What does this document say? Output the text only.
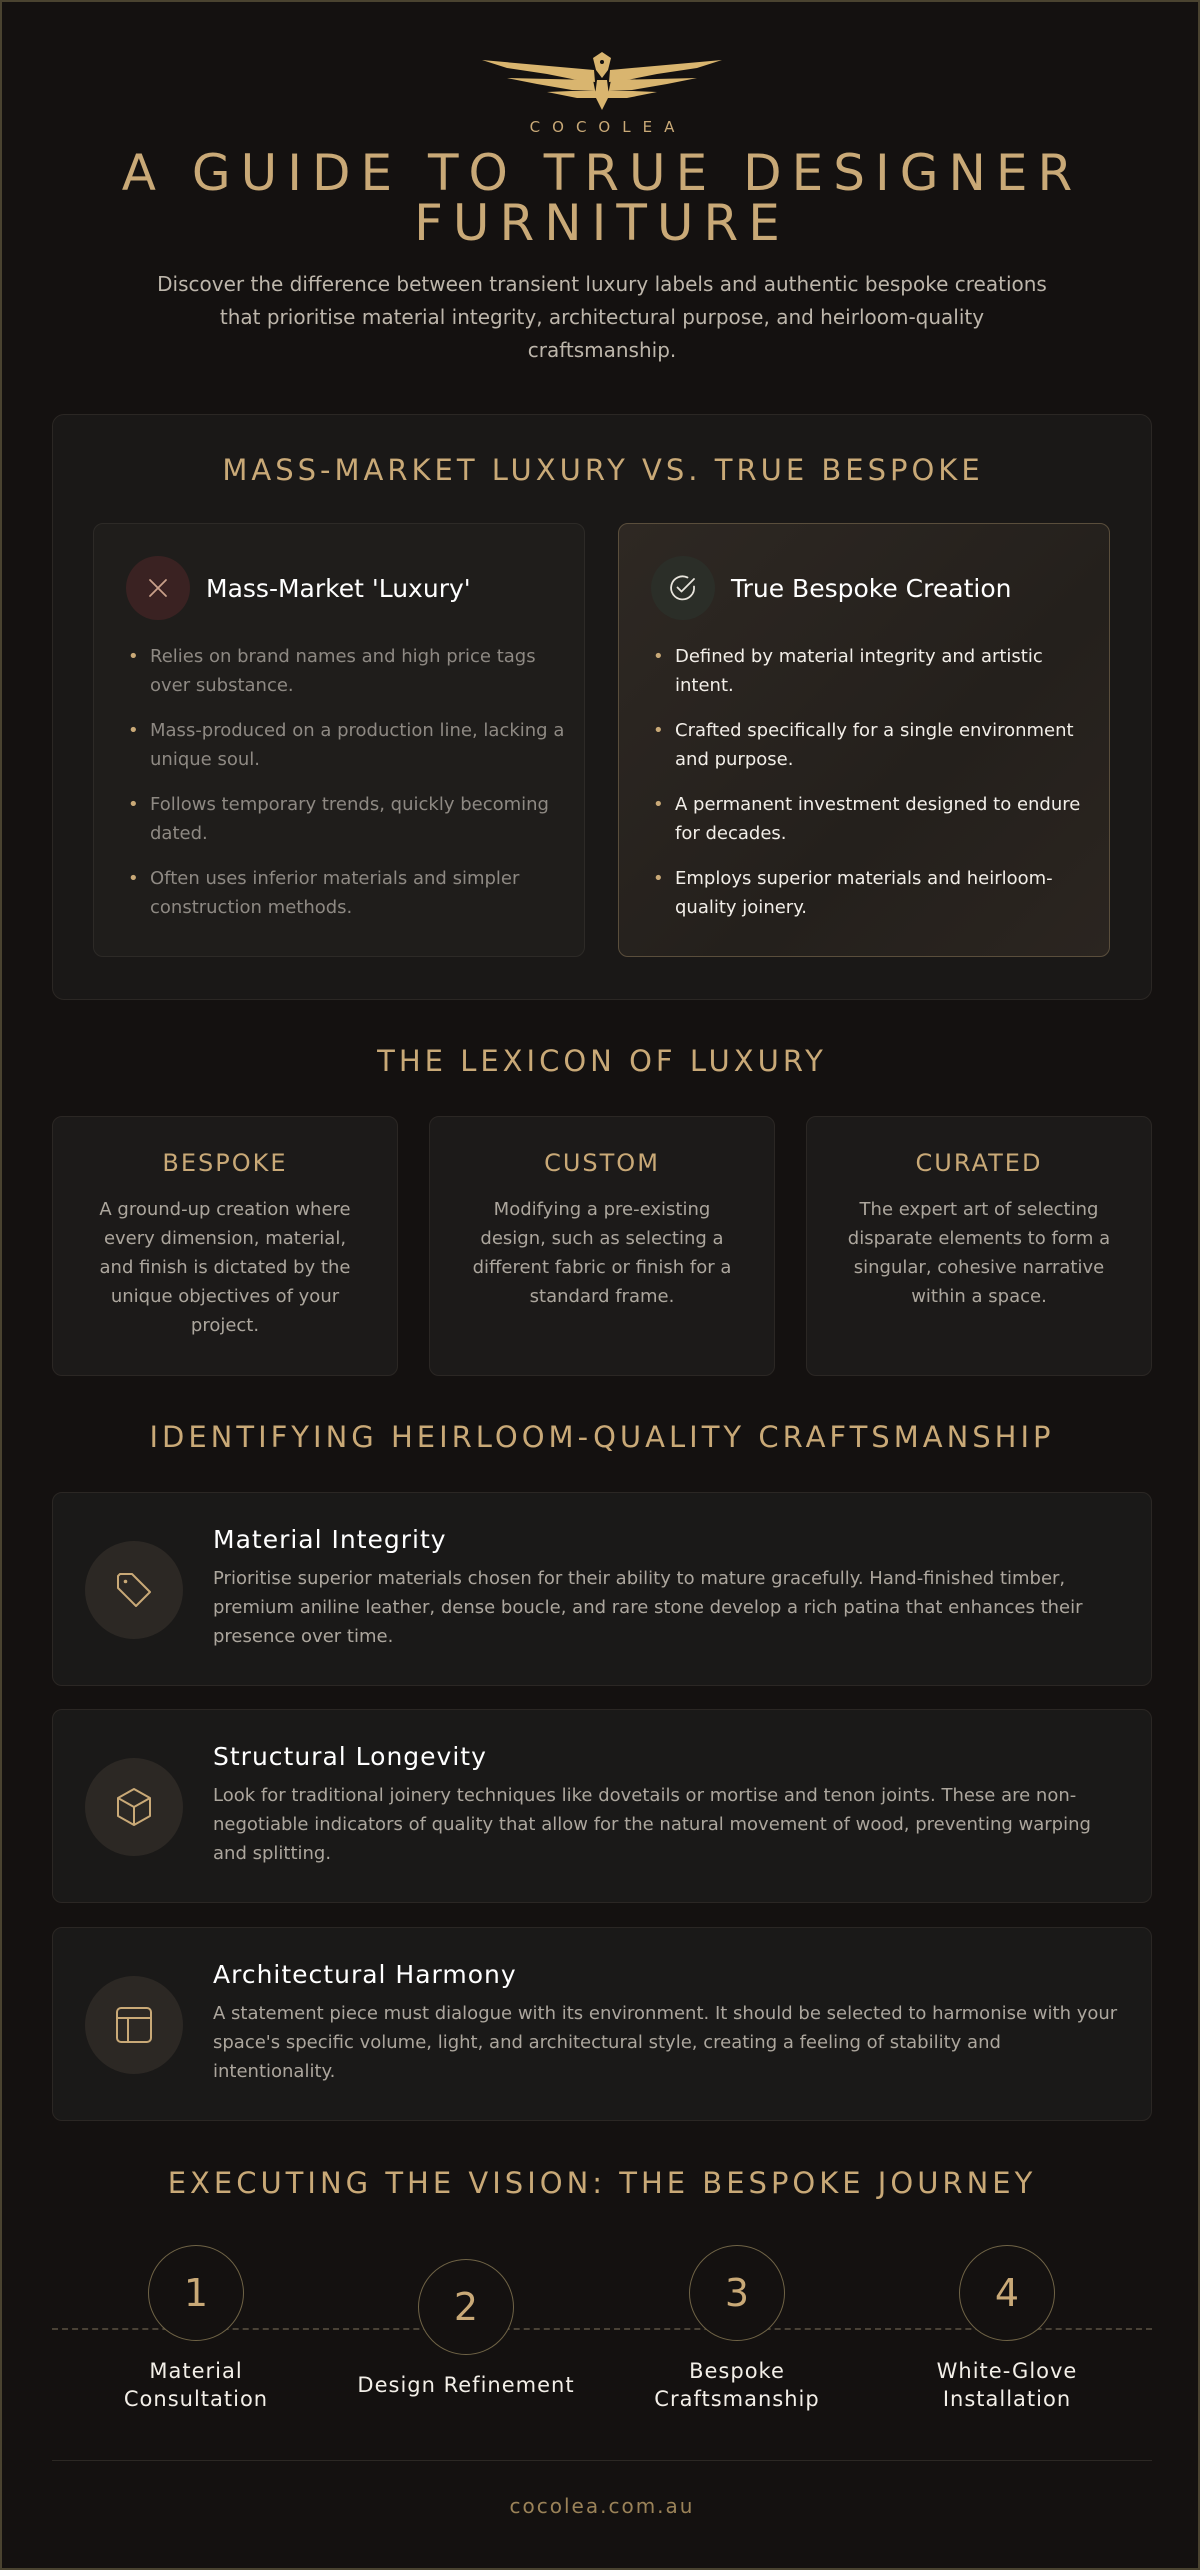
COCOLEA
A GUIDE TO TRUE DESIGNER FURNITURE

Discover the difference between transient luxury labels and authentic bespoke creations that prioritise material integrity, architectural purpose, and heirloom-quality craftsmanship.

MASS-MARKET LUXURY VS. TRUE BESPOKE
Mass-Market 'Luxury'
• Relies on brand names and high price tags over substance.
• Mass-produced on a production line, lacking a unique soul.
• Follows temporary trends, quickly becoming dated.
• Often uses inferior materials and simpler construction methods.
True Bespoke Creation
• Defined by material integrity and artistic intent.
• Crafted specifically for a single environment and purpose.
• A permanent investment designed to endure for decades.
• Employs superior materials and heirloom-quality joinery.
THE LEXICON OF LUXURY
BESPOKE
A ground-up creation where every dimension, material, and finish is dictated by the unique objectives of your project.
CUSTOM
Modifying a pre-existing design, such as selecting a different fabric or finish for a standard frame.
CURATED
The expert art of selecting disparate elements to form a singular, cohesive narrative within a space.
IDENTIFYING HEIRLOOM-QUALITY CRAFTSMANSHIP
Material Integrity
Prioritise superior materials chosen for their ability to mature gracefully. Hand-finished timber, premium aniline leather, dense boucle, and rare stone develop a rich patina that enhances their presence over time.
Structural Longevity
Look for traditional joinery techniques like dovetails or mortise and tenon joints. These are non-negotiable indicators of quality that allow for the natural movement of wood, preventing warping and splitting.
Architectural Harmony
A statement piece must dialogue with its environment. It should be selected to harmonise with your space's specific volume, light, and architectural style, creating a feeling of stability and intentionality.
EXECUTING THE VISION: THE BESPOKE JOURNEY
1
Material Consultation
2
Design Refinement
3
Bespoke Craftsmanship
4
White-Glove Installation
cocolea.com.au
